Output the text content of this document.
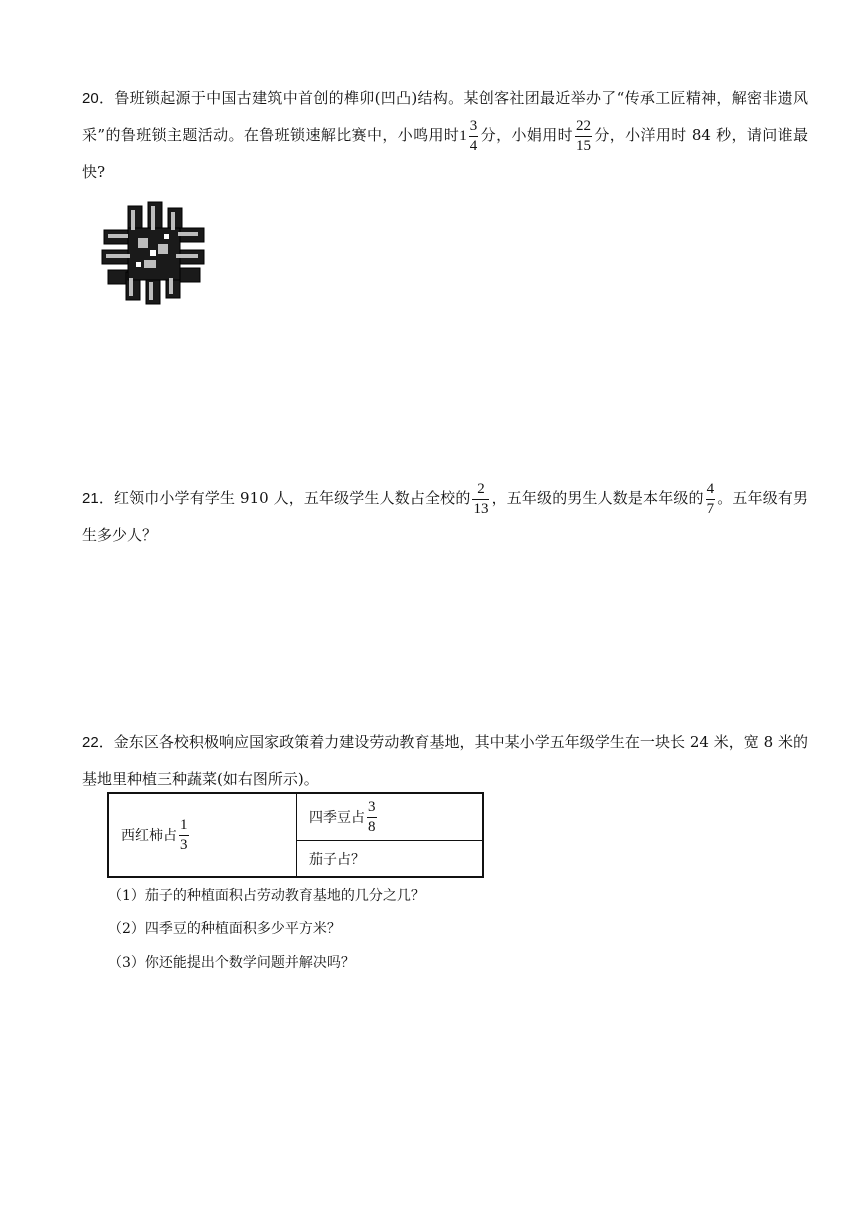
20．鲁班锁起源于中国古建筑中首创的榫卯(凹凸)结构。某创客社团最近举办了“传承工匠精神，解密非遗风采”的鲁班锁主题活动。在鲁班锁速解比赛中，小鸣用时$1 \frac{3}{4}$ 分，小娟用时 $\frac{22}{15}$ 分，小洋用时 84 秒，请问谁最快?
21．红领巾小学有学生 910 人，五年级学生人数占全校的 $\frac{2}{13}$ ，五年级的男生人数是本年级的 $\frac{4}{7}$ 。五年级有男生多少人？
22．金东区各校积极响应国家政策着力建设劳动教育基地，其中某小学五年级学生在一块长 24 米，宽 8 米的基地里种植三种蔬菜(如右图所示)。
西红柿占 $\frac{1}{3}$	四季豆占 $\frac{3}{8}$
茄子占？
（1）茄子的种植面积占劳动教育基地的几分之几？
（2）四季豆的种植面积多少平方米？
（3）你还能提出个数学问题并解决吗？
